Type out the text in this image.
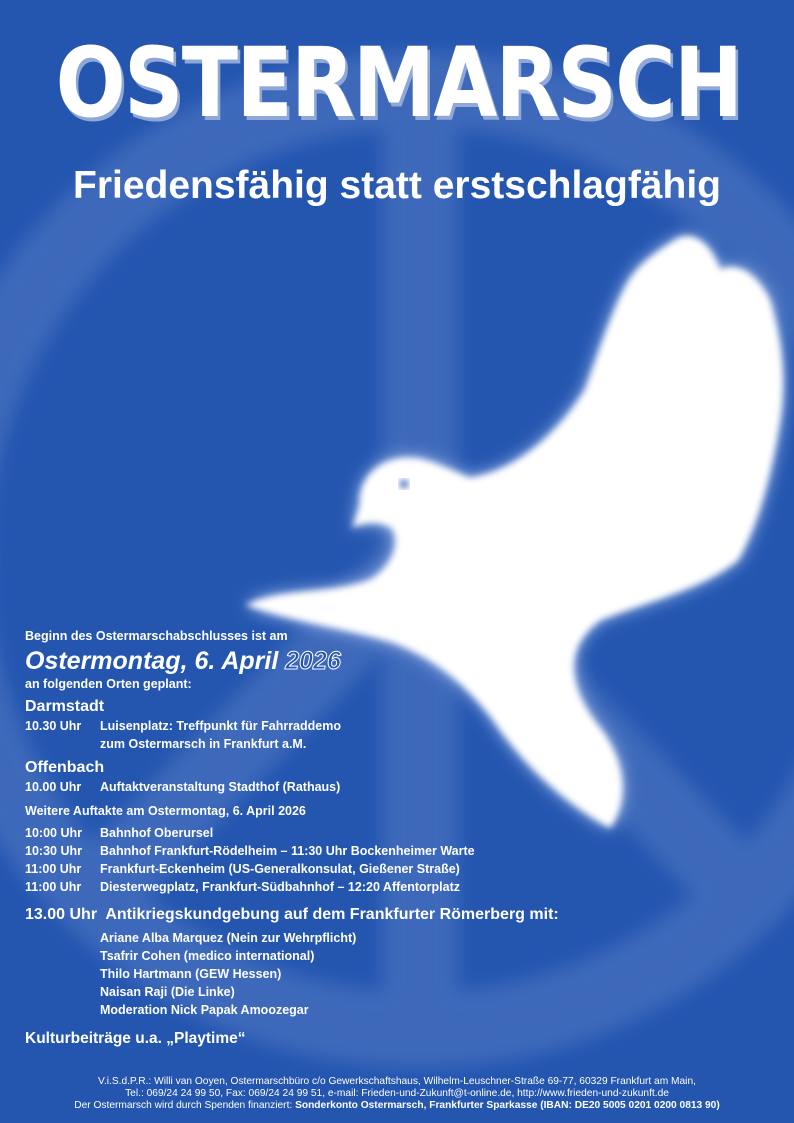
OSTERMARSCH
Friedensfähig statt erstschlagfähig
Beginn des Ostermarschabschlusses ist am
Ostermontag, 6. April 2026
an folgenden Orten geplant:
Darmstadt
10.30 Uhr	Luisenplatz: Treffpunkt für Fahrraddemo
zum Ostermarsch in Frankfurt a.M.
Offenbach
10.00 Uhr	Auftaktveranstaltung Stadthof (Rathaus)
Weitere Auftakte am Ostermontag, 6. April 2026
10:00 Uhr	Bahnhof Oberursel
10:30 Uhr	Bahnhof Frankfurt-Rödelheim – 11:30 Uhr Bockenheimer Warte
11:00 Uhr	Frankfurt-Eckenheim (US-Generalkonsulat, Gießener Straße)
11:00 Uhr	Diesterwegplatz, Frankfurt-Südbahnhof – 12:20 Affentorplatz
13.00 Uhr  Antikriegskundgebung auf dem Frankfurter Römerberg mit:
Ariane Alba Marquez (Nein zur Wehrpflicht)
Tsafrir Cohen (medico international)
Thilo Hartmann (GEW Hessen)
Naisan Raji (Die Linke)
Moderation Nick Papak Amoozegar
Kulturbeiträge u.a. „Playtime“
V.i.S.d.P.R.: Willi van Ooyen, Ostermarschbüro c/o Gewerkschaftshaus, Wilhelm-Leuschner-Straße 69-77, 60329 Frankfurt am Main,
Tel.: 069/24 24 99 50, Fax: 069/24 24 99 51, e-mail: Frieden-und-Zukunft@t-online.de, http://www.frieden-und-zukunft.de
Der Ostermarsch wird durch Spenden finanziert: Sonderkonto Ostermarsch, Frankfurter Sparkasse (IBAN: DE20 5005 0201 0200 0813 90)
